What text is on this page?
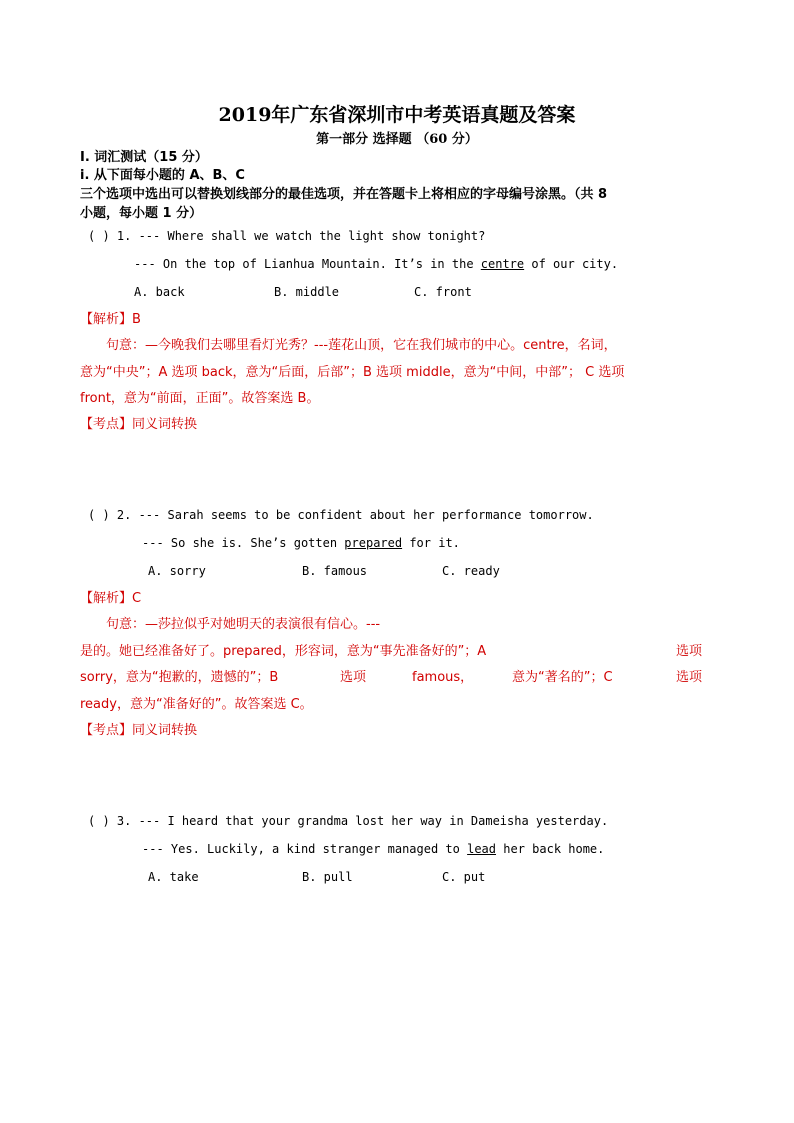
2019年广东省深圳市中考英语真题及答案
第一部分 选择题 （60 分）
I. 词汇测试（15 分）
i. 从下面每小题的 A、B、C
三个选项中选出可以替换划线部分的最佳选项，并在答题卡上将相应的字母编号涂黑。（共 8
小题，每小题 1 分）
( ) 1. --- Where shall we watch the light show tonight?
--- On the top of Lianhua Mountain. It’s in the centre of our city.
A. back	B. middle	C. front
【解析】B
句意：—今晚我们去哪里看灯光秀？---莲花山顶，它在我们城市的中心。centre，名词，
意为“中央”；A 选项 back，意为“后面，后部”；B 选项 middle，意为“中间，中部”； C 选项
front，意为“前面，正面”。故答案选 B。
【考点】同义词转换
( ) 2. --- Sarah seems to be confident about her performance tomorrow.
--- So she is. She’s gotten prepared for it.
A. sorry	B. famous	C. ready
【解析】C
句意：—莎拉似乎对她明天的表演很有信心。---
是的。她已经准备好了。prepared，形容词，意为“事先准备好的”；A	选项
sorry，意为“抱歉的，遗憾的”；B	选项	famous，	意为“著名的”；C	选项
ready，意为“准备好的”。故答案选 C。
【考点】同义词转换
( ) 3. --- I heard that your grandma lost her way in Dameisha yesterday.
--- Yes. Luckily, a kind stranger managed to lead her back home.
A. take	B. pull	C. put
